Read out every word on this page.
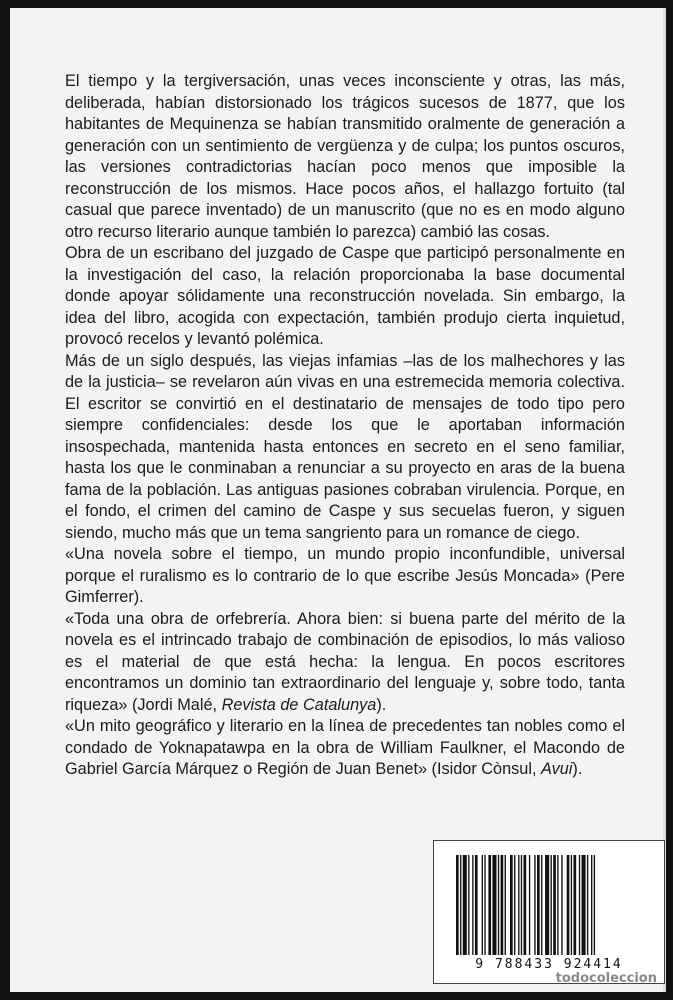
El tiempo y la tergiversación, unas veces inconsciente y otras, las más, deliberada, habían distorsionado los trágicos sucesos de 1877, que los habitantes de Mequinenza se habían transmitido oralmente de generación a generación con un sentimiento de vergüenza y de culpa; los puntos oscuros, las versiones contradictorias hacían poco menos que imposible la reconstrucción de los mismos. Hace pocos años, el hallazgo fortuito (tal casual que parece inventado) de un manuscrito (que no es en modo alguno otro recurso literario aunque también lo parezca) cambió las cosas.

Obra de un escribano del juzgado de Caspe que participó personalmente en la investigación del caso, la relación proporcionaba la base documental donde apoyar sólidamente una reconstrucción novelada. Sin embargo, la idea del libro, acogida con expectación, también produjo cierta inquietud, provocó recelos y levantó polémica.

Más de un siglo después, las viejas infamias –las de los malhechores y las de la justicia– se revelaron aún vivas en una estremecida memoria colectiva. El escritor se convirtió en el destinatario de mensajes de todo tipo pero siempre confidenciales: desde los que le aportaban información insospechada, mantenida hasta entonces en secreto en el seno familiar, hasta los que le conminaban a renunciar a su proyecto en aras de la buena fama de la población. Las antiguas pasiones cobraban virulencia. Porque, en el fondo, el crimen del camino de Caspe y sus secuelas fueron, y siguen siendo, mucho más que un tema sangriento para un romance de ciego.

«Una novela sobre el tiempo, un mundo propio inconfundible, universal porque el ruralismo es lo contrario de lo que escribe Jesús Moncada» (Pere Gimferrer).

«Toda una obra de orfebrería. Ahora bien: si buena parte del mérito de la novela es el intrincado trabajo de combinación de episodios, lo más valioso es el material de que está hecha: la lengua. En pocos escritores encontramos un dominio tan extraordinario del lenguaje y, sobre todo, tanta riqueza» (Jordi Malé, Revista de Catalunya).

«Un mito geográfico y literario en la línea de precedentes tan nobles como el condado de Yoknapatawpa en la obra de William Faulkner, el Macondo de Gabriel García Márquez o Región de Juan Benet» (Isidor Cònsul, Avui).

9 788433 924414
todocoleccion
